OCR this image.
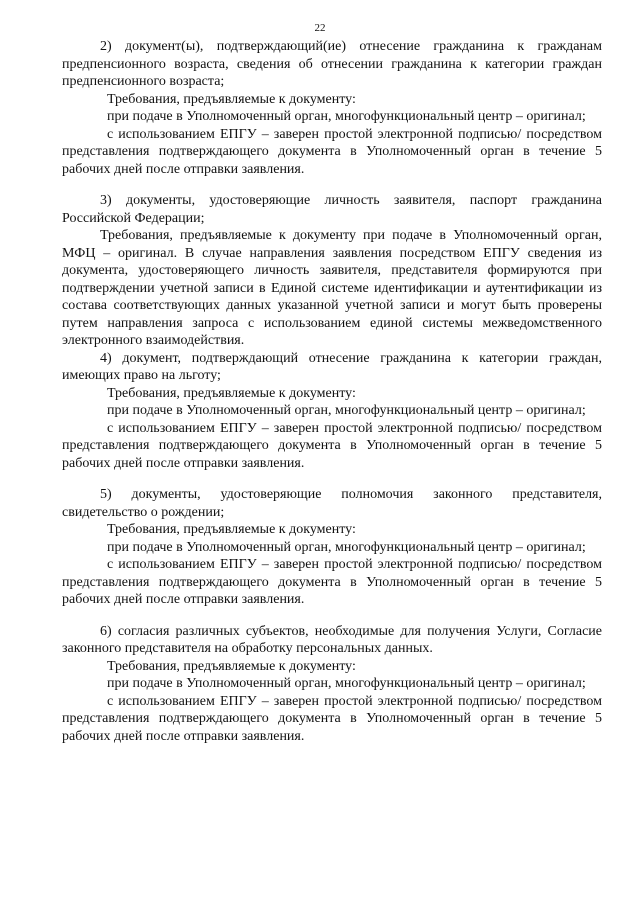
22

2) документ(ы), подтверждающий(ие) отнесение гражданина к гражданам предпенсионного возраста, сведения об отнесении гражданина к категории граждан предпенсионного возраста;

Требования, предъявляемые к документу:

при подаче в Уполномоченный орган, многофункциональный центр – оригинал;

с использованием ЕПГУ – заверен простой электронной подписью/ посредством представления подтверждающего документа в Уполномоченный орган в течение 5 рабочих дней после отправки заявления.

3) документы, удостоверяющие личность заявителя, паспорт гражданина Российской Федерации;

Требования, предъявляемые к документу при подаче в Уполномоченный орган, МФЦ – оригинал. В случае направления заявления посредством ЕПГУ сведения из документа, удостоверяющего личность заявителя, представителя формируются при подтверждении учетной записи в Единой системе идентификации и аутентификации из состава соответствующих данных указанной учетной записи и могут быть проверены путем направления запроса с использованием единой системы межведомственного электронного взаимодействия.

4) документ, подтверждающий отнесение гражданина к категории граждан, имеющих право на льготу;

Требования, предъявляемые к документу:

при подаче в Уполномоченный орган, многофункциональный центр – оригинал;

с использованием ЕПГУ – заверен простой электронной подписью/ посредством представления подтверждающего документа в Уполномоченный орган в течение 5 рабочих дней после отправки заявления.

5) документы, удостоверяющие полномочия законного представителя, свидетельство о рождении;

Требования, предъявляемые к документу:

при подаче в Уполномоченный орган, многофункциональный центр – оригинал;

с использованием ЕПГУ – заверен простой электронной подписью/ посредством представления подтверждающего документа в Уполномоченный орган в течение 5 рабочих дней после отправки заявления.

6) согласия различных субъектов, необходимые для получения Услуги, Согласие законного представителя на обработку персональных данных.

Требования, предъявляемые к документу:

при подаче в Уполномоченный орган, многофункциональный центр – оригинал;

с использованием ЕПГУ – заверен простой электронной подписью/ посредством представления подтверждающего документа в Уполномоченный орган в течение 5 рабочих дней после отправки заявления.
